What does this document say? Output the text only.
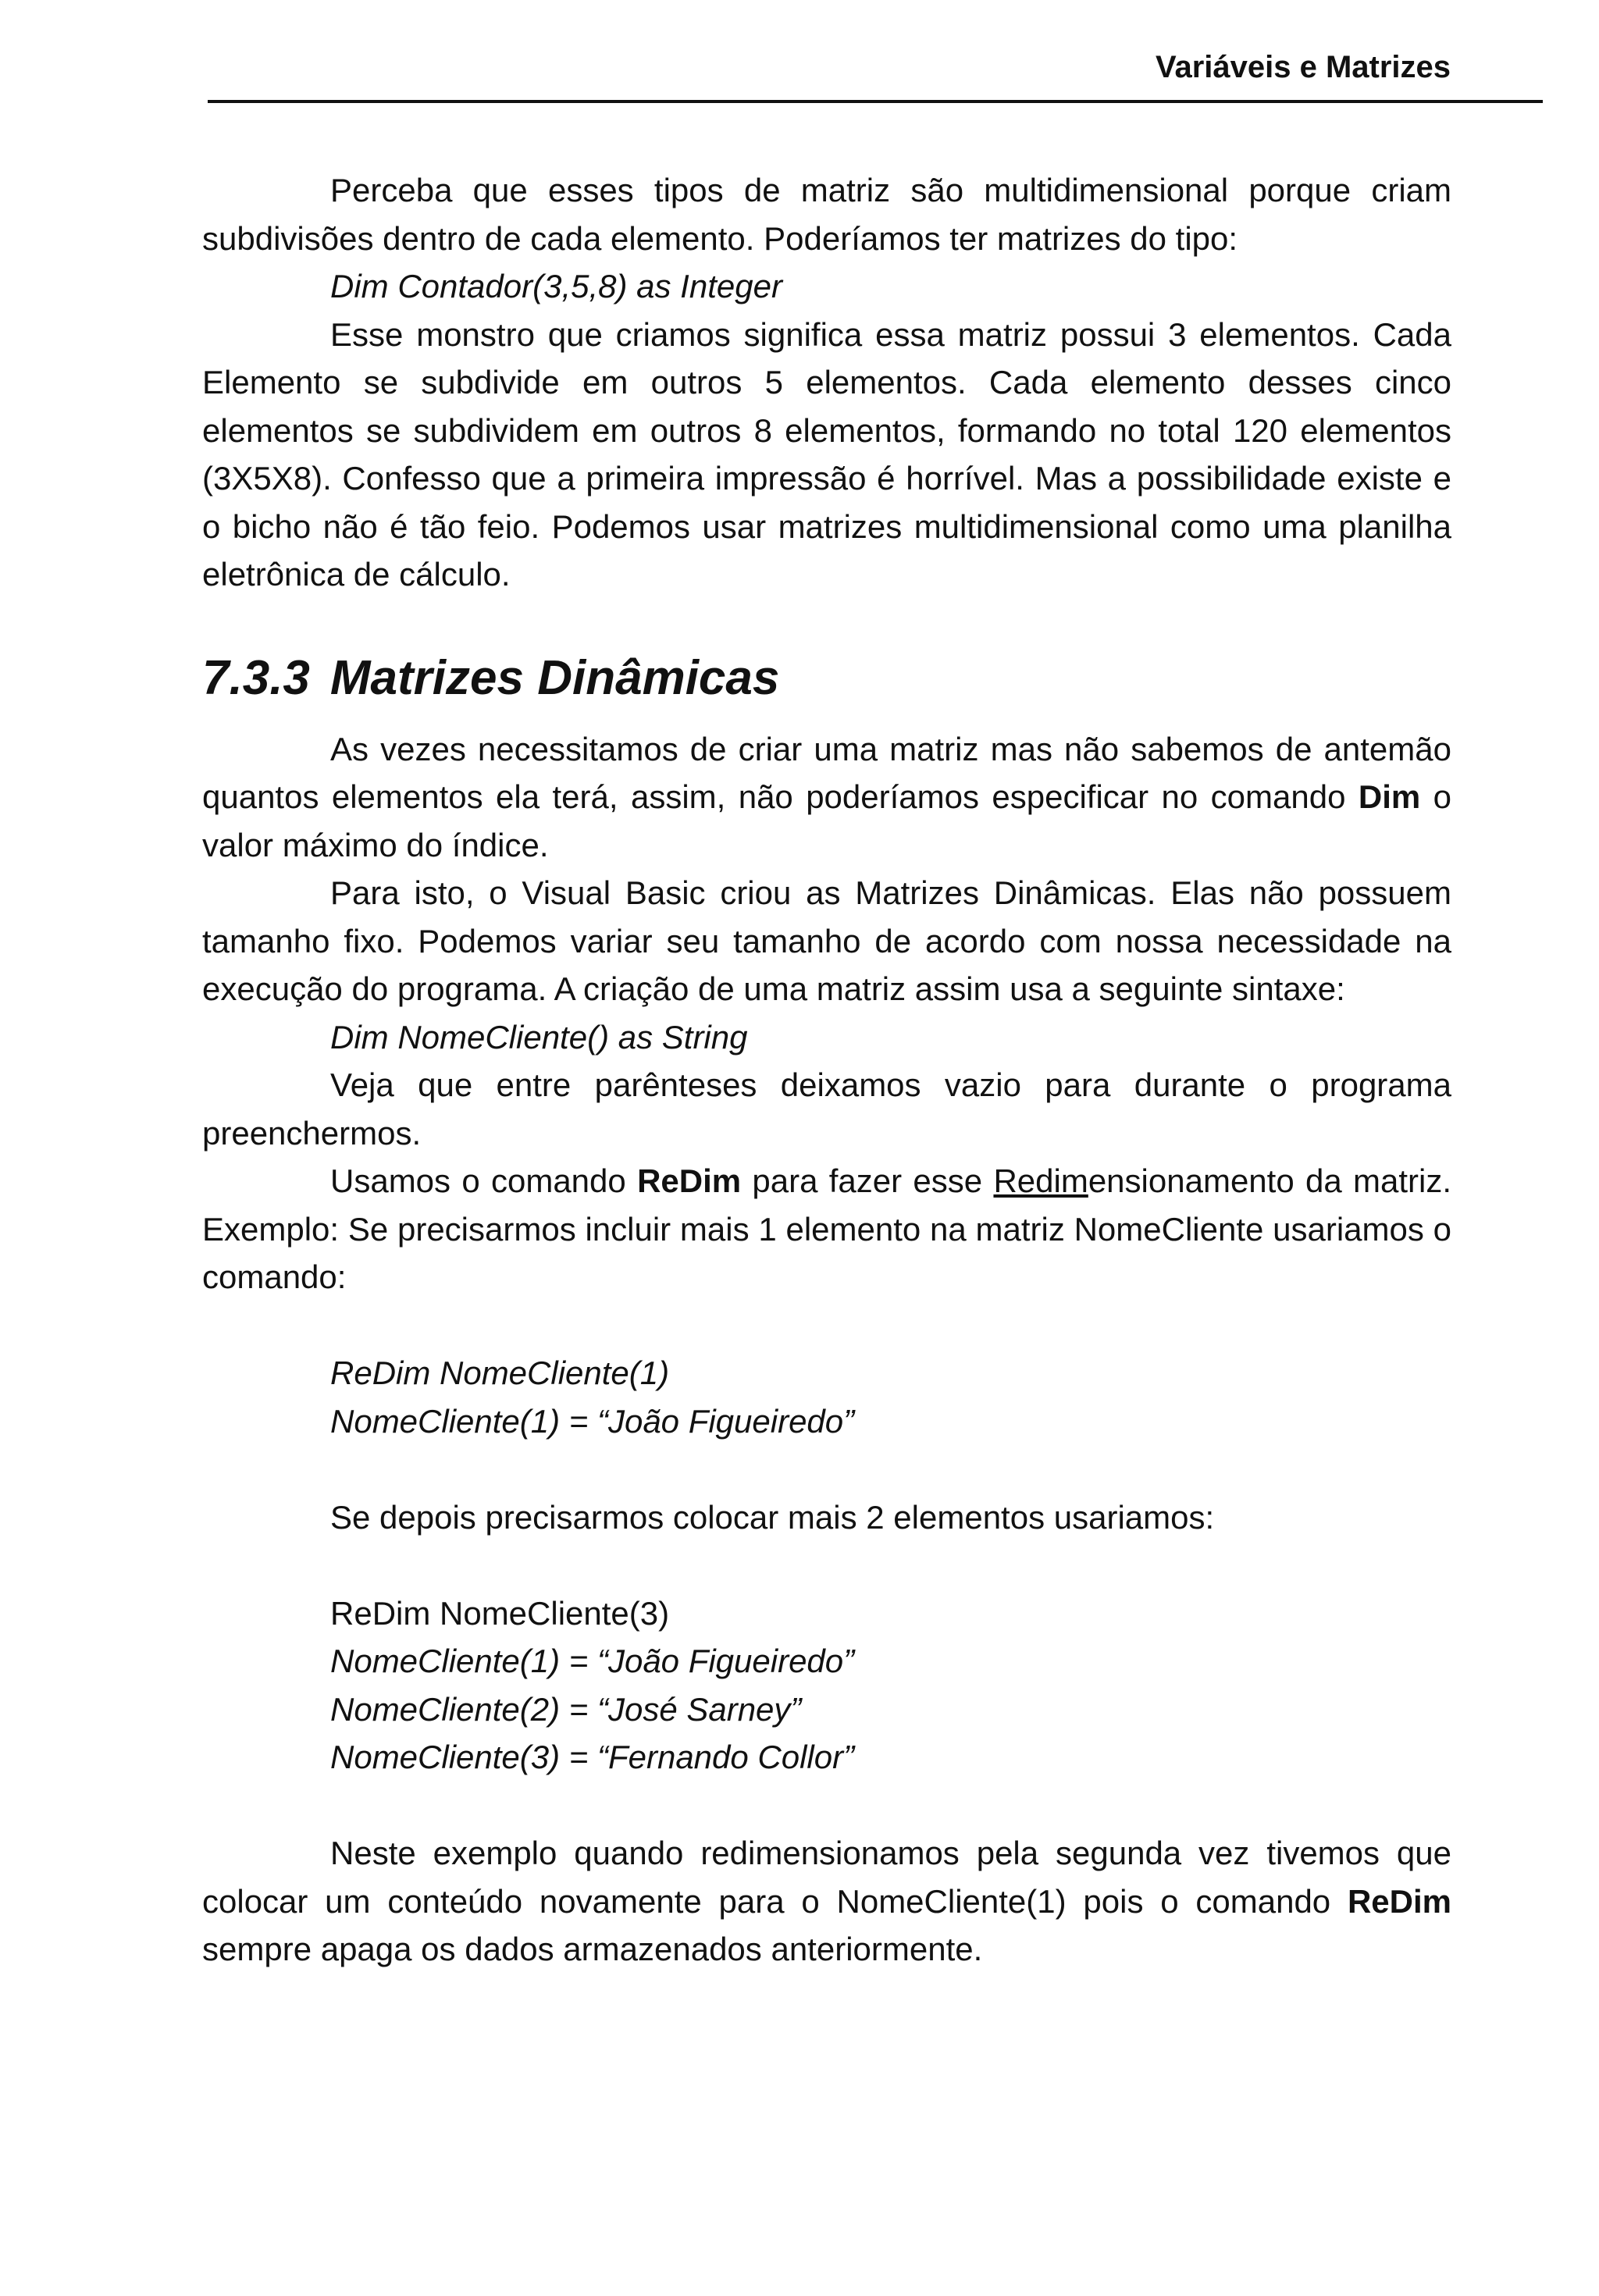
Variáveis e Matrizes

Perceba que esses tipos de matriz são multidimensional porque criam subdivisões dentro de cada elemento. Poderíamos ter matrizes do tipo:

Dim Contador(3,5,8) as Integer

Esse monstro que criamos significa essa matriz possui 3 elementos. Cada Elemento se subdivide em outros 5 elementos. Cada elemento desses cinco elementos se subdividem em outros 8 elementos, formando no total 120 elementos (3X5X8). Confesso que a primeira impressão é horrível. Mas a possibilidade existe e o bicho não é tão feio. Podemos usar matrizes multidimensional como uma planilha eletrônica de cálculo.

7.3.3 Matrizes Dinâmicas

As vezes necessitamos de criar uma matriz mas não sabemos de antemão quantos elementos ela terá, assim, não poderíamos especificar no comando Dim o valor máximo do índice.

Para isto, o Visual Basic criou as Matrizes Dinâmicas. Elas não possuem tamanho fixo. Podemos variar seu tamanho de acordo com nossa necessidade na execução do programa. A criação de uma matriz assim usa a seguinte sintaxe:

Dim NomeCliente() as String

Veja que entre parênteses deixamos vazio para durante o programa preenchermos.

Usamos o comando ReDim para fazer esse Redimensionamento da matriz. Exemplo: Se precisarmos incluir mais 1 elemento na matriz NomeCliente usariamos o comando:

ReDim NomeCliente(1)

NomeCliente(1) = “João Figueiredo”

Se depois precisarmos colocar mais 2 elementos usariamos:

ReDim NomeCliente(3)

NomeCliente(1) = “João Figueiredo”

NomeCliente(2) = “José Sarney”

NomeCliente(3) = “Fernando Collor”

Neste exemplo quando redimensionamos pela segunda vez tivemos que colocar um conteúdo novamente para o NomeCliente(1) pois o comando ReDim sempre apaga os dados armazenados anteriormente.
